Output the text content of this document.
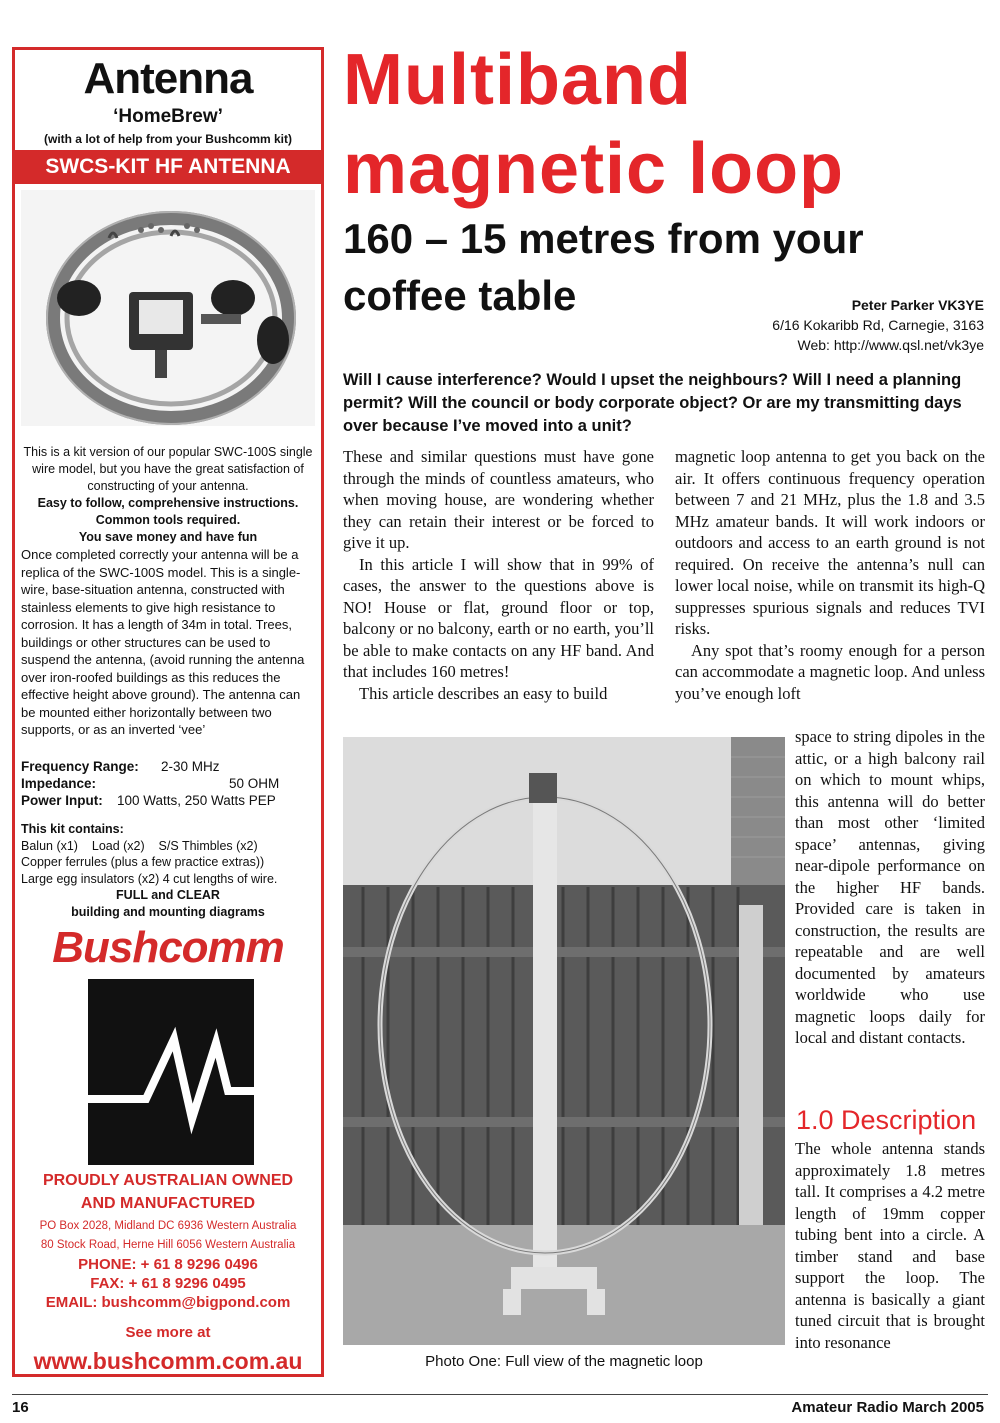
Antenna
‘HomeBrew’
(with a lot of help from your Bushcomm kit)
SWCS-KIT HF ANTENNA
This is a kit version of our popular SWC-100S single wire model, but you have the great satisfaction of constructing of your antenna.
Easy to follow, comprehensive instructions.
Common tools required.
You save money and have fun
Once completed correctly your antenna will be a replica of the SWC-100S model. This is a single-wire, base-situation antenna, constructed with stainless elements to give high resistance to corrosion. It has a length of 34m in total. Trees, buildings or other structures can be used to suspend the antenna, (avoid running the antenna over iron-roofed buildings as this reduces the effective height above ground). The antenna can be mounted either horizontally between two supports, or as an inverted ‘vee’
Frequency Range:	2-30 MHz
Impedance:	50 OHM
Power Input:	100 Watts, 250 Watts PEP
This kit contains:
Balun (x1)    Load (x2)    S/S Thimbles (x2)
Copper ferrules (plus a few practice extras))
Large egg insulators (x2) 4 cut lengths of wire.
FULL and CLEAR
building and mounting diagrams
Bushcomm
PROUDLY AUSTRALIAN OWNED
AND MANUFACTURED
PO Box 2028, Midland DC 6936 Western Australia
80 Stock Road, Herne Hill 6056 Western Australia
PHONE: + 61 8 9296 0496
FAX: + 61 8 9296 0495
EMAIL: bushcomm@bigpond.com
See more at
www.bushcomm.com.au
Multiband
magnetic loop
160 – 15 metres from your
coffee table	Peter Parker VK3YE
6/16 Kokaribb Rd, Carnegie, 3163
Web: http://www.qsl.net/vk3ye
Will I cause interference? Would I upset the neighbours? Will I need a planning permit? Will the council or body corporate object? Or are my transmitting days over because I’ve moved into a unit?

These and similar questions must have gone through the minds of countless amateurs, who when moving house, are wondering whether they can retain their interest or be forced to give it up.

In this article I will show that in 99% of cases, the answer to the questions above is NO! House or flat, ground floor or top, balcony or no balcony, earth or no earth, you’ll be able to make contacts on any HF band. And that includes 160 metres!

This article describes an easy to build

magnetic loop antenna to get you back on the air. It offers continuous frequency operation between 7 and 21 MHz, plus the 1.8 and 3.5 MHz amateur bands. It will work indoors or outdoors and access to an earth ground is not required. On receive the antenna’s null can lower local noise, while on transmit its high-Q suppresses spurious signals and reduces TVI risks.

Any spot that’s roomy enough for a person can accommodate a magnetic loop. And unless you’ve enough loft

space to string dipoles in the attic, or a high balcony rail on which to mount whips, this antenna will do better than most other ‘limited space’ antennas, giving near-dipole performance on the higher HF bands. Provided care is taken in construction, the results are repeatable and are well documented by amateurs worldwide who use magnetic loops daily for local and distant contacts.

1.0 Description

The whole antenna stands approximately 1.8 metres tall. It comprises a 4.2 metre length of 19mm copper tubing bent into a circle. A timber stand and base support the loop. The antenna is basically a giant tuned circuit that is brought into resonance

Photo One: Full view of the magnetic loop
16	Amateur Radio March 2005
